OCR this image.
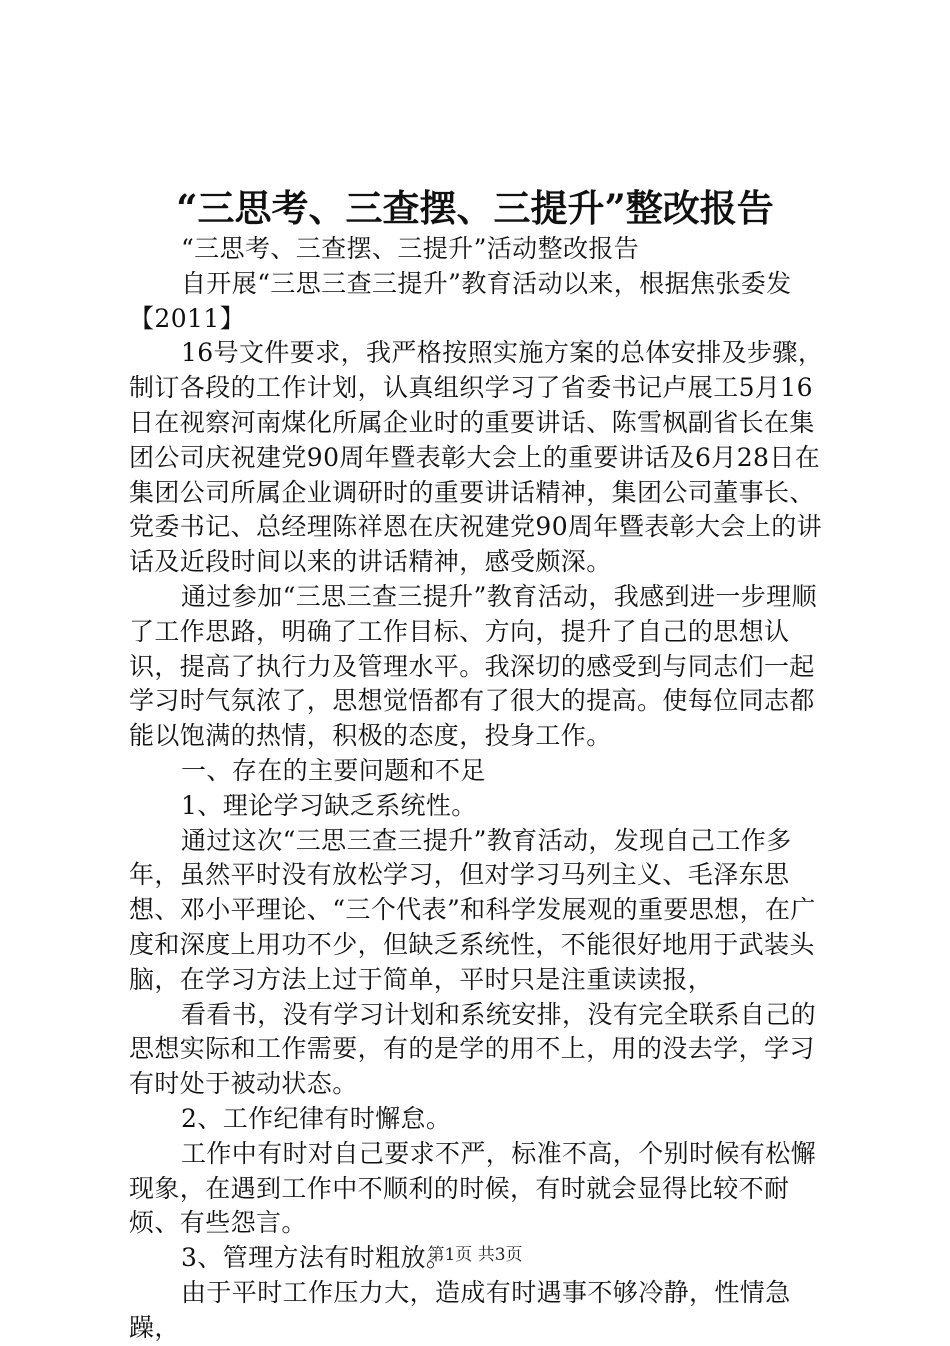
“三思考、三查摆、三提升”整改报告

“三思考、三查摆、三提升”活动整改报告

自开展“三思三查三提升”教育活动以来，根据焦张委发

【2011】

16号文件要求，我严格按照实施方案的总体安排及步骤，制订各段的工作计划，认真组织学习了省委书记卢展工5月16日在视察河南煤化所属企业时的重要讲话、陈雪枫副省长在集团公司庆祝建党90周年暨表彰大会上的重要讲话及6月28日在集团公司所属企业调研时的重要讲话精神，集团公司董事长、党委书记、总经理陈祥恩在庆祝建党90周年暨表彰大会上的讲话及近段时间以来的讲话精神，感受颇深。

通过参加“三思三查三提升”教育活动，我感到进一步理顺了工作思路，明确了工作目标、方向，提升了自己的思想认识，提高了执行力及管理水平。我深切的感受到与同志们一起学习时气氛浓了，思想觉悟都有了很大的提高。使每位同志都能以饱满的热情，积极的态度，投身工作。

一、存在的主要问题和不足

1、理论学习缺乏系统性。

通过这次“三思三查三提升”教育活动，发现自己工作多年，虽然平时没有放松学习，但对学习马列主义、毛泽东思想、邓小平理论、“三个代表”和科学发展观的重要思想，在广度和深度上用功不少，但缺乏系统性，不能很好地用于武装头脑，在学习方法上过于简单，平时只是注重读读报，

看看书，没有学习计划和系统安排，没有完全联系自己的思想实际和工作需要，有的是学的用不上，用的没去学，学习有时处于被动状态。

2、工作纪律有时懈怠。

工作中有时对自己要求不严，标准不高，个别时候有松懈现象，在遇到工作中不顺利的时候，有时就会显得比较不耐烦、有些怨言。

3、管理方法有时粗放。

由于平时工作压力大，造成有时遇事不够冷静，性情急躁，

第1页 共3页
